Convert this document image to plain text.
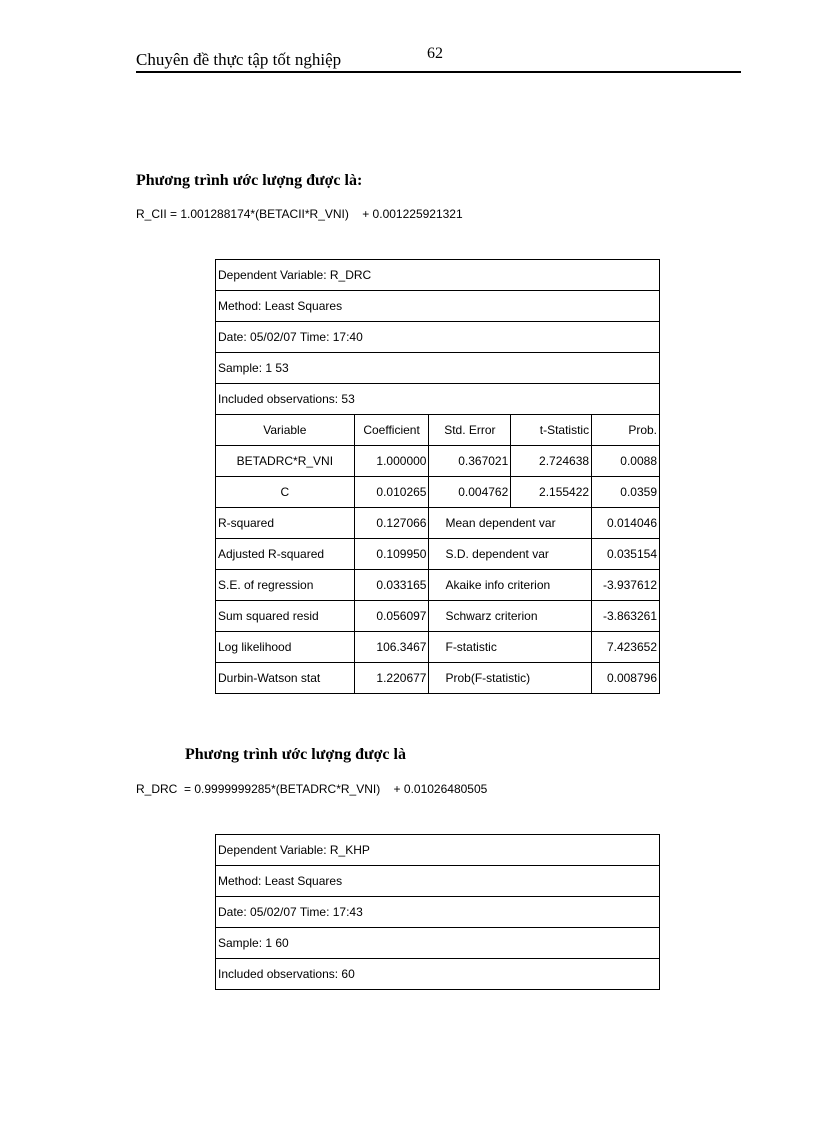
Chuyên đề thực tập tốt nghiệp	62
Phương trình ước lượng được là:
R_CII = 1.001288174*(BETACII*R_VNI)    + 0.001225921321
Dependent Variable: R_DRC				
Method: Least Squares				
Date: 05/02/07 Time: 17:40				
Sample: 1 53				
Included observations: 53				
Variable	Coefficient	Std. Error	t-Statistic	Prob.
BETADRC*R_VNI	1.000000	0.367021	2.724638	0.0088
C	0.010265	0.004762	2.155422	0.0359
R-squared	0.127066	Mean dependent var		0.014046
Adjusted R-squared	0.109950	S.D. dependent var		0.035154
S.E. of regression	0.033165	Akaike info criterion		-3.937612
Sum squared resid	0.056097	Schwarz criterion		-3.863261
Log likelihood	106.3467	F-statistic		7.423652
Durbin-Watson stat	1.220677	Prob(F-statistic)		0.008796
Phương trình ước lượng được là
R_DRC  = 0.9999999285*(BETADRC*R_VNI)    + 0.01026480505
Dependent Variable: R_KHP
Method: Least Squares
Date: 05/02/07 Time: 17:43
Sample: 1 60
Included observations: 60
